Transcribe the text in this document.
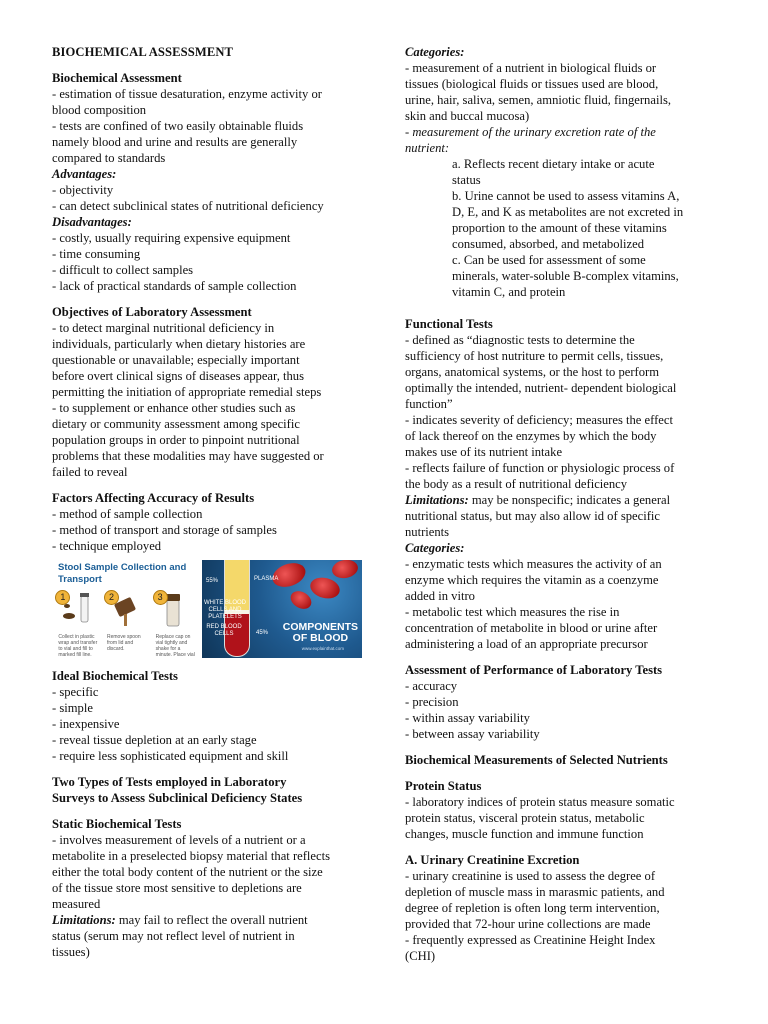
BIOCHEMICAL ASSESSMENT
Biochemical Assessment
- estimation of tissue desaturation, enzyme activity or
blood composition
- tests are confined of two easily obtainable fluids
namely blood and urine and results are generally
compared to standards
Advantages:
- objectivity
- can detect subclinical states of nutritional deficiency
Disadvantages:
- costly, usually requiring expensive equipment
- time consuming
- difficult to collect samples
- lack of practical standards of sample collection
Objectives of Laboratory Assessment
- to detect marginal nutritional deficiency in
individuals, particularly when dietary histories are
questionable or unavailable; especially important
before overt clinical signs of diseases appear, thus
permitting the initiation of appropriate remedial steps
- to supplement or enhance other studies such as
dietary or community assessment among specific
population groups in order to pinpoint nutritional
problems that these modalities may have suggested or
failed to reveal
Factors Affecting Accuracy of Results
- method of sample collection
- method of transport and storage of samples
- technique employed
Stool Sample Collection and Transport
1
Collect in plastic wrap and transfer to vial and fill to marked fill line.
2
Remove spoon from lid and discard.
3
Replace cap on vial tightly and shake for a minute. Place vial
55%	PLASMA
WHITE BLOOD CELLS AND PLATELETS
RED BLOOD CELLS	45% COMPONENTS
OF BLOOD
www.explainthat.com
Ideal Biochemical Tests
- specific
- simple
- inexpensive
- reveal tissue depletion at an early stage
- require less sophisticated equipment and skill
Two Types of Tests employed in Laboratory
Surveys to Assess Subclinical Deficiency States
Static Biochemical Tests
- involves measurement of levels of a nutrient or a
metabolite in a preselected biopsy material that reflects
either the total body content of the nutrient or the size
of the tissue store most sensitive to depletions are
measured
Limitations: may fail to reflect the overall nutrient
status (serum may not reflect level of nutrient in
tissues)
Categories:
- measurement of a nutrient in biological fluids or
tissues (biological fluids or tissues used are blood,
urine, hair, saliva, semen, amniotic fluid, fingernails,
skin and buccal mucosa)
- measurement of the urinary excretion rate of the
nutrient:
a. Reflects recent dietary intake or acute
status
b. Urine cannot be used to assess vitamins A,
D, E, and K as metabolites are not excreted in
proportion to the amount of these vitamins
consumed, absorbed, and metabolized
c. Can be used for assessment of some
minerals, water-soluble B-complex vitamins,
vitamin C, and protein
Functional Tests
- defined as “diagnostic tests to determine the
sufficiency of host nutriture to permit cells, tissues,
organs, anatomical systems, or the host to perform
optimally the intended, nutrient- dependent biological
function”
- indicates severity of deficiency; measures the effect
of lack thereof on the enzymes by which the body
makes use of its nutrient intake
- reflects failure of function or physiologic process of
the body as a result of nutritional deficiency
Limitations: may be nonspecific; indicates a general
nutritional status, but may also allow id of specific
nutrients
Categories:
- enzymatic tests which measures the activity of an
enzyme which requires the vitamin as a coenzyme
added in vitro
- metabolic test which measures the rise in
concentration of metabolite in blood or urine after
administering a load of an appropriate precursor
Assessment of Performance of Laboratory Tests
- accuracy
- precision
- within assay variability
- between assay variability
Biochemical Measurements of Selected Nutrients
Protein Status
- laboratory indices of protein status measure somatic
protein status, visceral protein status, metabolic
changes, muscle function and immune function
A. Urinary Creatinine Excretion
- urinary creatinine is used to assess the degree of
depletion of muscle mass in marasmic patients, and
degree of repletion is often long term intervention,
provided that 72-hour urine collections are made
- frequently expressed as Creatinine Height Index
(CHI)
